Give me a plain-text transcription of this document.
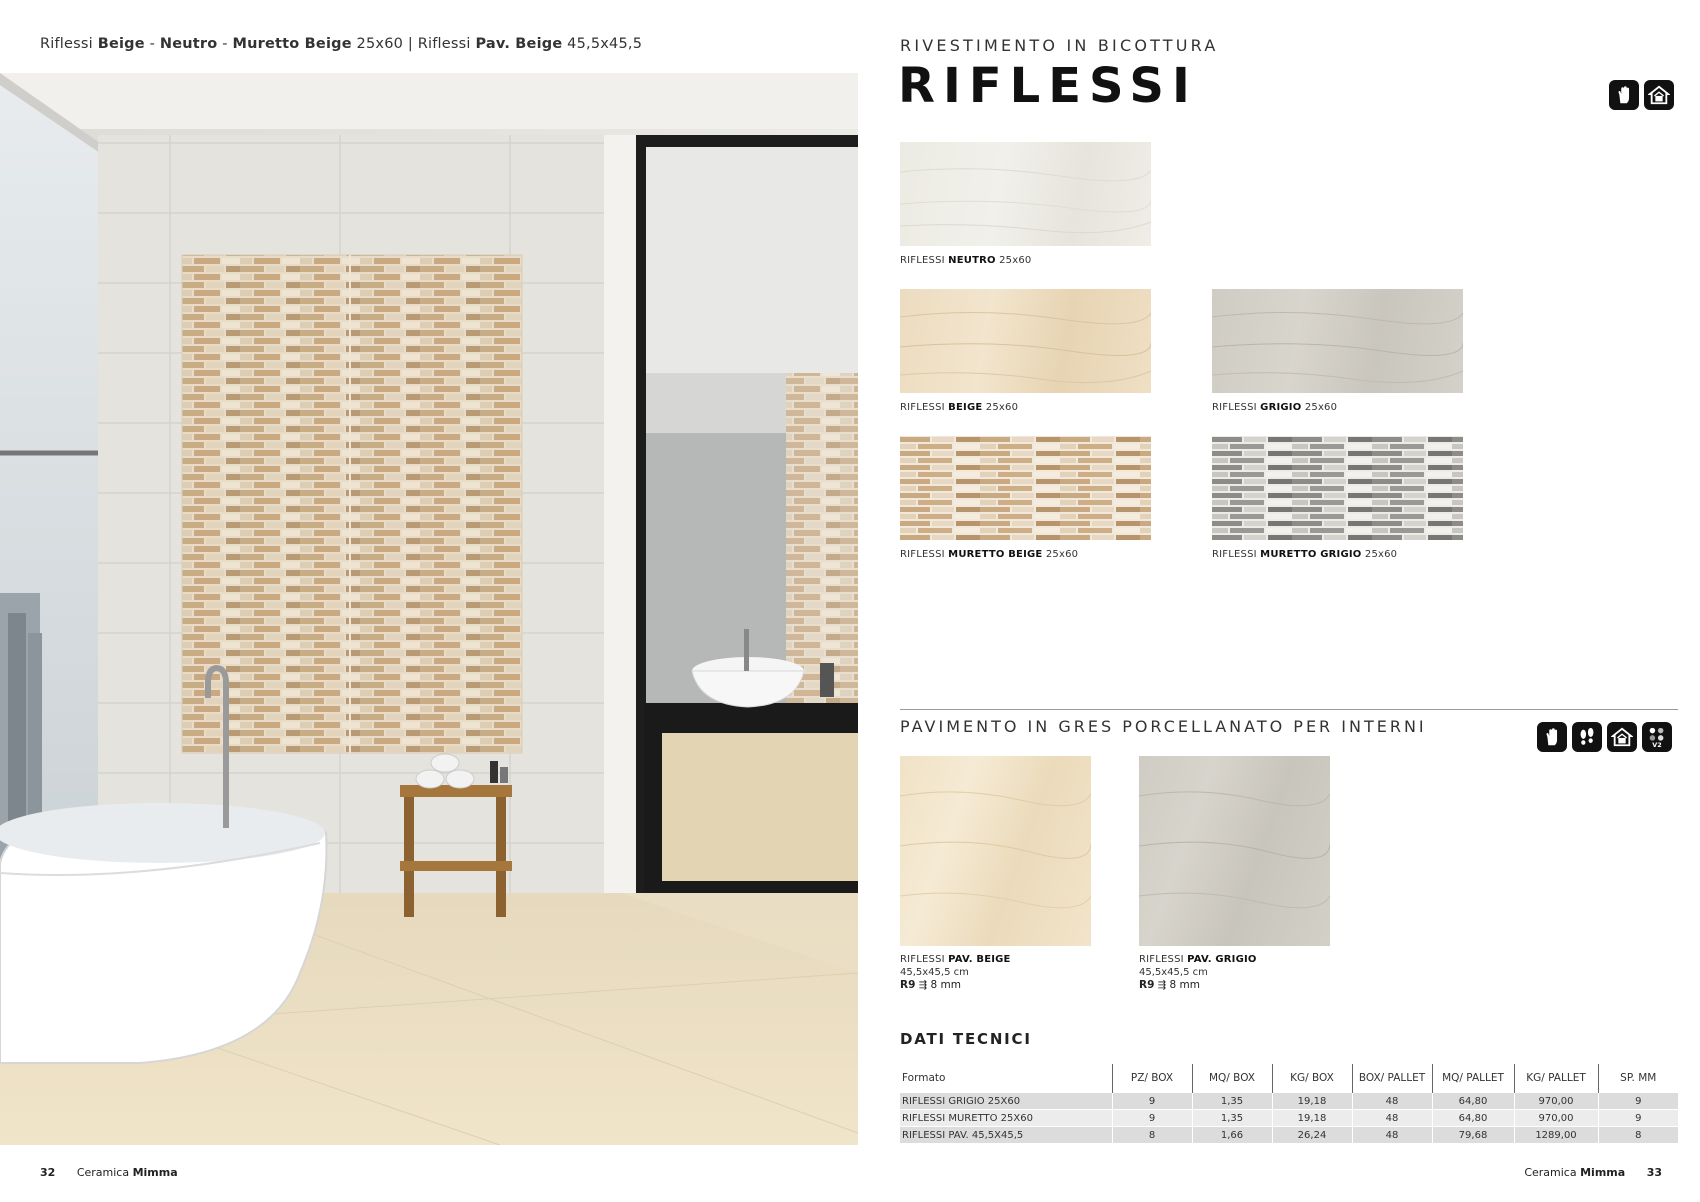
Riflessi Beige - Neutro - Muretto Beige 25x60 | Riflessi Pav. Beige 45,5x45,5	RIVESTIMENTO IN BICOTTURA
RIFLESSI
RIFLESSI NEUTRO 25x60
RIFLESSI BEIGE 25x60	RIFLESSI GRIGIO 25x60
RIFLESSI MURETTO BEIGE 25x60	RIFLESSI MURETTO GRIGIO 25x60
PAVIMENTO IN GRES PORCELLANATO PER INTERNI
V2
RIFLESSI PAV. BEIGE
45,5x45,5 cm
R9 ⇶ 8 mm
RIFLESSI PAV. GRIGIO
45,5x45,5 cm
R9 ⇶ 8 mm
DATI TECNICI
Formato	PZ/ BOX	MQ/ BOX	KG/ BOX	BOX/ PALLET	MQ/ PALLET	KG/ PALLET	SP. MM
RIFLESSI GRIGIO 25X60	9	1,35	19,18	48	64,80	970,00	9
RIFLESSI MURETTO 25X60	9	1,35	19,18	48	64,80	970,00	9
RIFLESSI PAV. 45,5X45,5	8	1,66	26,24	48	79,68	1289,00	8
32 Ceramica Mimma	Ceramica Mimma 33
